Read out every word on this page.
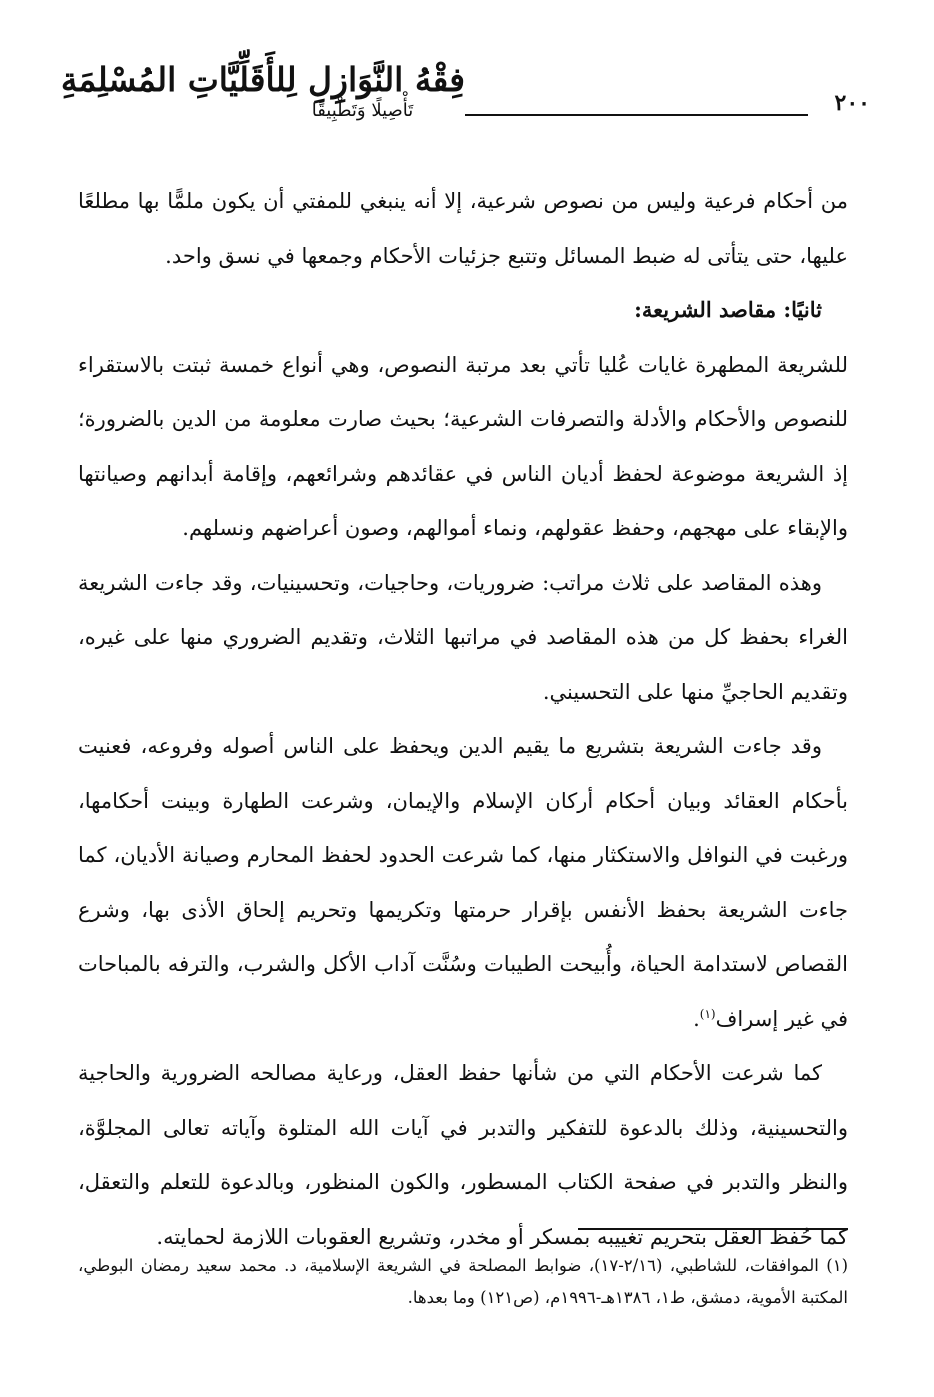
٢٠٠
فِقْهُ النَّوَازِلِ لِلأَقَلِّيَّاتِ المُسْلِمَةِ
تَأْصِيلًا وَتَطْبِيقًا

من أحكام فرعية وليس من نصوص شرعية، إلا أنه ينبغي للمفتي أن يكون ملمًّا بها مطلعًا عليها، حتى يتأتى له ضبط المسائل وتتبع جزئيات الأحكام وجمعها في نسق واحد.

ثانيًا: مقاصد الشريعة:

للشريعة المطهرة غايات عُليا تأتي بعد مرتبة النصوص، وهي أنواع خمسة ثبتت بالاستقراء للنصوص والأحكام والأدلة والتصرفات الشرعية؛ بحيث صارت معلومة من الدين بالضرورة؛ إذ الشريعة موضوعة لحفظ أديان الناس في عقائدهم وشرائعهم، وإقامة أبدانهم وصيانتها والإبقاء على مهجهم، وحفظ عقولهم، ونماء أموالهم، وصون أعراضهم ونسلهم.

وهذه المقاصد على ثلاث مراتب: ضروريات، وحاجيات، وتحسينيات، وقد جاءت الشريعة الغراء بحفظ كل من هذه المقاصد في مراتبها الثلاث، وتقديم الضروري منها على غيره، وتقديم الحاجيِّ منها على التحسيني.

وقد جاءت الشريعة بتشريع ما يقيم الدين ويحفظ على الناس أصوله وفروعه، فعنيت بأحكام العقائد وبيان أحكام أركان الإسلام والإيمان، وشرعت الطهارة وبينت أحكامها، ورغبت في النوافل والاستكثار منها، كما شرعت الحدود لحفظ المحارم وصيانة الأديان، كما جاءت الشريعة بحفظ الأنفس بإقرار حرمتها وتكريمها وتحريم إلحاق الأذى بها، وشرع القصاص لاستدامة الحياة، وأُبيحت الطيبات وسُنَّت آداب الأكل والشرب، والترفه بالمباحات في غير إسراف$^{(١)}$.

كما شرعت الأحكام التي من شأنها حفظ العقل، ورعاية مصالحه الضرورية والحاجية والتحسينية، وذلك بالدعوة للتفكير والتدبر في آيات الله المتلوة وآياته تعالى المجلوَّة، والنظر والتدبر في صفحة الكتاب المسطور، والكون المنظور، وبالدعوة للتعلم والتعقل، كما حُفظ العقل بتحريم تغييبه بمسكر أو مخدر، وتشريع العقوبات اللازمة لحمايته.

(١) الموافقات، للشاطبي، (٢/١٦-١٧)، ضوابط المصلحة في الشريعة الإسلامية، د. محمد سعيد رمضان البوطي، المكتبة الأموية، دمشق، ط١، ١٣٨٦هـ-١٩٩٦م، (ص١٢١) وما بعدها.
